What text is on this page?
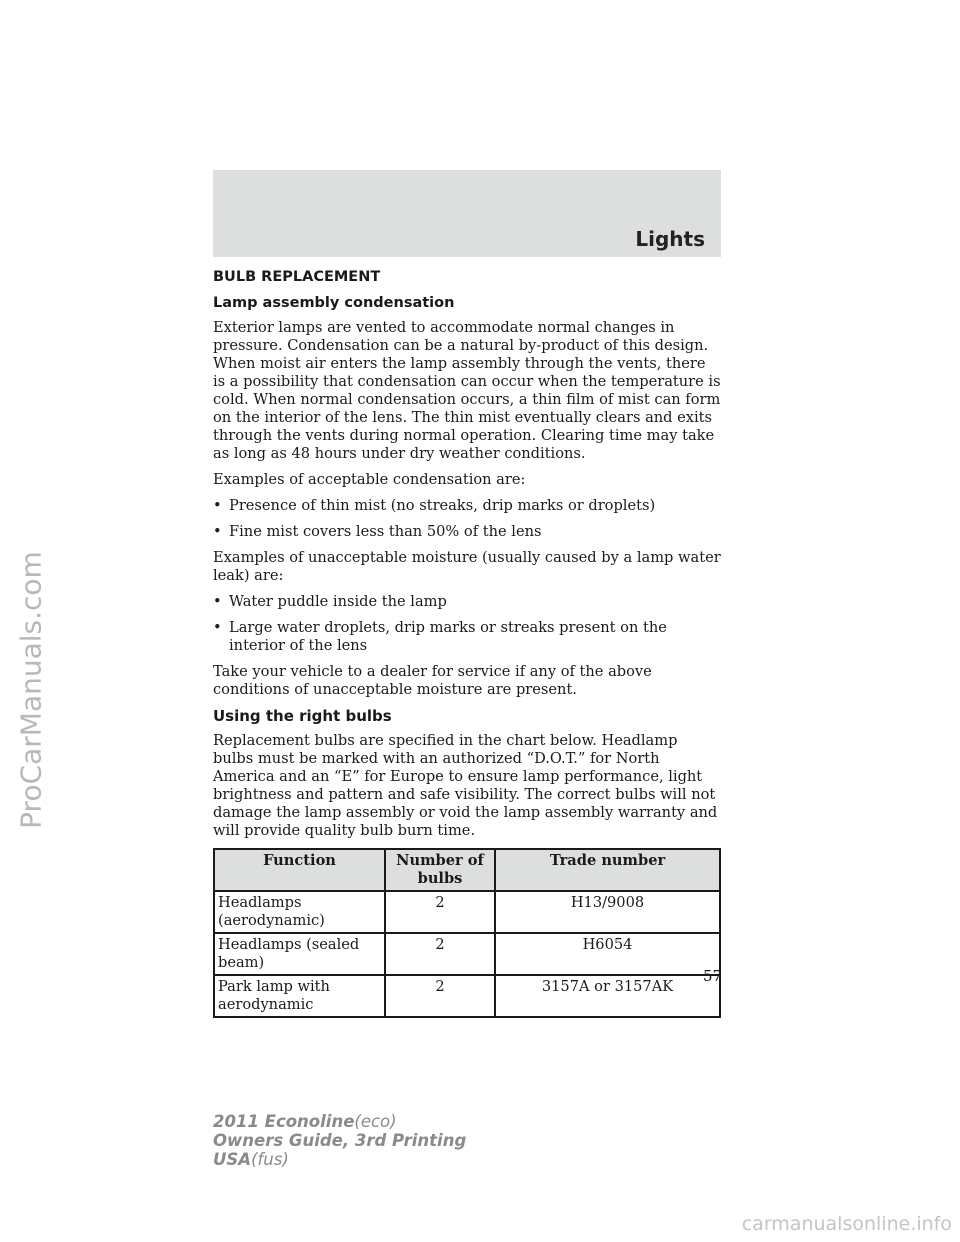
Lights
BULB REPLACEMENT
Lamp assembly condensation

Exterior lamps are vented to accommodate normal changes in pressure. Condensation can be a natural by-product of this design. When moist air enters the lamp assembly through the vents, there is a possibility that condensation can occur when the temperature is cold. When normal condensation occurs, a thin film of mist can form on the interior of the lens. The thin mist eventually clears and exits through the vents during normal operation. Clearing time may take as long as 48 hours under dry weather conditions.

Examples of acceptable condensation are:

• Presence of thin mist (no streaks, drip marks or droplets)
• Fine mist covers less than 50% of the lens

Examples of unacceptable moisture (usually caused by a lamp water leak) are:

• Water puddle inside the lamp
• Large water droplets, drip marks or streaks present on the interior of the lens

Take your vehicle to a dealer for service if any of the above conditions of unacceptable moisture are present.

Using the right bulbs

Replacement bulbs are specified in the chart below. Headlamp bulbs must be marked with an authorized “D.O.T.” for North America and an “E” for Europe to ensure lamp performance, light brightness and pattern and safe visibility. The correct bulbs will not damage the lamp assembly or void the lamp assembly warranty and will provide quality bulb burn time.

Function	Number of bulbs	Trade number
Headlamps (aerodynamic)	2	H13/9008
Headlamps (sealed beam)	2	H6054
Park lamp with aerodynamic	2	3157A or 3157AK
57
2011 Econoline(eco)
Owners Guide, 3rd Printing
USA(fus)
ProCarManuals.com
carmanualsonline.info
